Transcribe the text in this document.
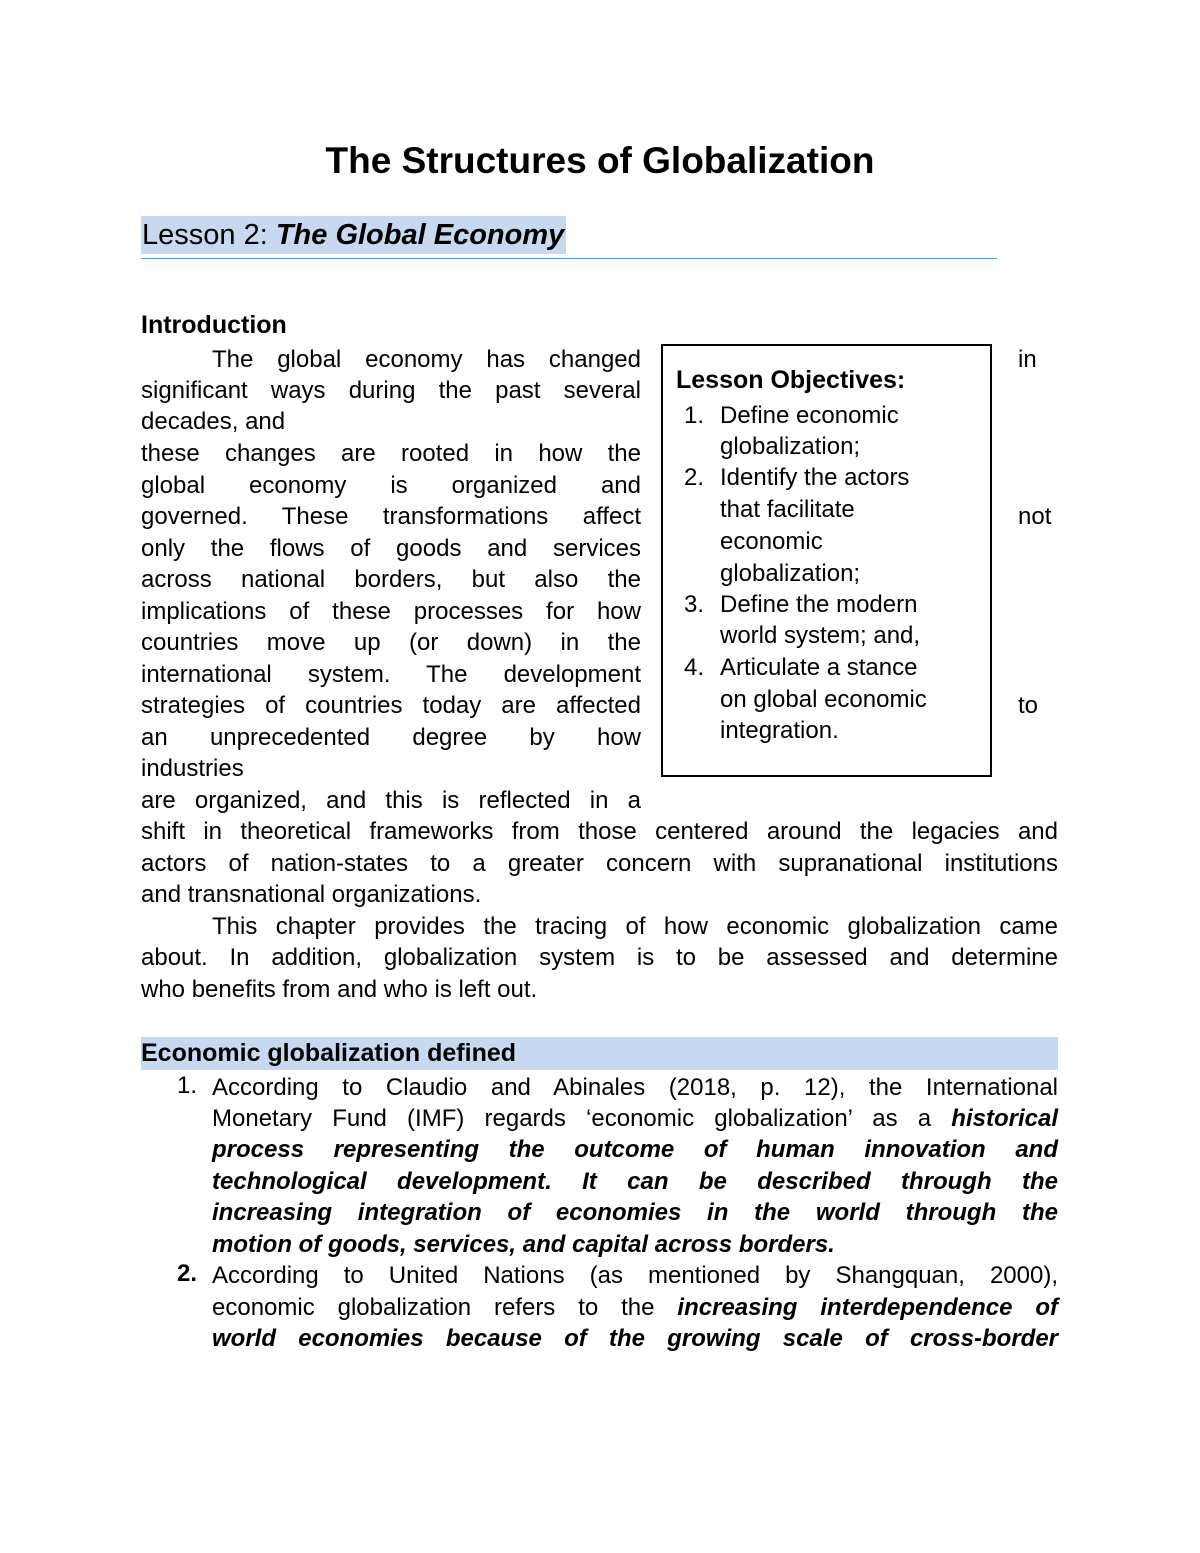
The Structures of Globalization
Lesson 2: The Global Economy
Introduction
The global economy has changed
significant ways during the past several
decades, and
these changes are rooted in how the
global economy is organized and
governed. These transformations affect
only the flows of goods and services
across national borders, but also the
implications of these processes for how
countries move up (or down) in the
international system. The development
strategies of countries today are affected
an unprecedented degree by how
industries
are organized, and this is reflected in a
shift in theoretical frameworks from those centered around the legacies and
actors of nation-states to a greater concern with supranational institutions
and transnational organizations.
in
not
to
This chapter provides the tracing of how economic globalization came
about. In addition, globalization system is to be assessed and determine
who benefits from and who is left out.
Lesson Objectives:
1. Define economic
globalization;
2. Identify the actors
that facilitate
economic
globalization;
3. Define the modern
world system; and,
4. Articulate a stance
on global economic
integration.
Economic globalization defined
1. According to Claudio and Abinales (2018, p. 12), the International
Monetary Fund (IMF) regards ‘economic globalization’ as a historical
process representing the outcome of human innovation and
technological development. It can be described through the
increasing integration of economies in the world through the
motion of goods, services, and capital across borders.
2. According to United Nations (as mentioned by Shangquan, 2000),
economic globalization refers to the increasing interdependence of
world economies because of the growing scale of cross-border
